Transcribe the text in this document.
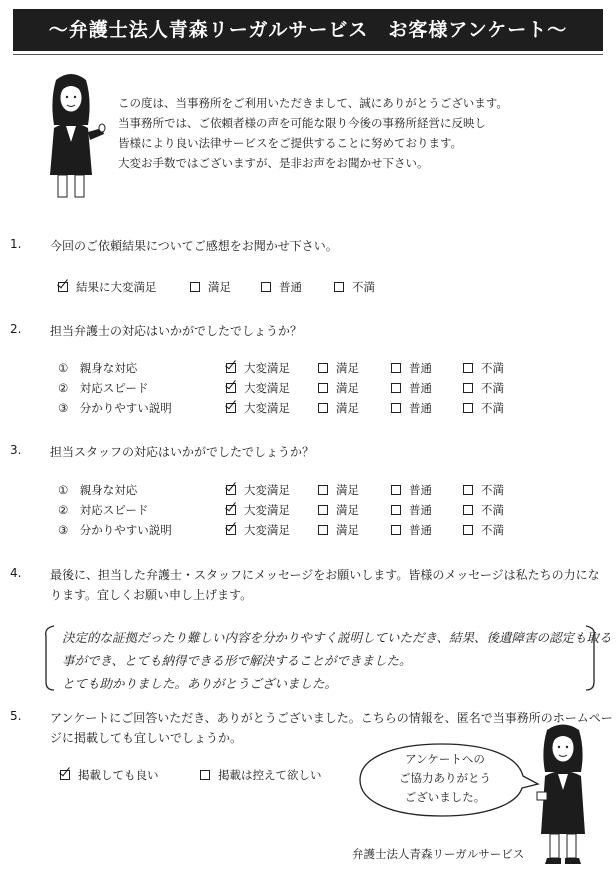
～弁護士法人青森リーガルサービス　お客様アンケート～
この度は、当事務所をご利用いただきまして、誠にありがとうございます。
当事務所では、ご依頼者様の声を可能な限り今後の事務所経営に反映し
皆様により良い法律サービスをご提供することに努めております。
大変お手数ではございますが、是非お声をお聞かせ下さい。
1. 今回のご依頼結果についてご感想をお聞かせ下さい。
結果に大変満足	満足	普通	不満
2. 担当弁護士の対応はいかがでしたでしょうか？
①　親身な対応	大変満足	満足	普通	不満
②　対応スピード	大変満足	満足	普通	不満
③　分かりやすい説明	大変満足	満足	普通	不満
3. 担当スタッフの対応はいかがでしたでしょうか？
①　親身な対応	大変満足	満足	普通	不満
②　対応スピード	大変満足	満足	普通	不満
③　分かりやすい説明	大変満足	満足	普通	不満
4. 最後に、担当した弁護士・スタッフにメッセージをお願いします。皆様のメッセージは私たちの力にな
ります。宜しくお願い申し上げます。
決定的な証拠だったり難しい内容を分かりやすく説明していただき、結果、後遺障害の認定も取る
事ができ、とても納得できる形で解決することができました。
とても助かりました。ありがとうございました。
5. アンケートにご回答いただき、ありがとうございました。こちらの情報を、匿名で当事務所のホームペー
ジに掲載しても宜しいでしょうか。
掲載しても良い	掲載は控えて欲しい
アンケートへの
ご協力ありがとう
ございました。
弁護士法人青森リーガルサービス
